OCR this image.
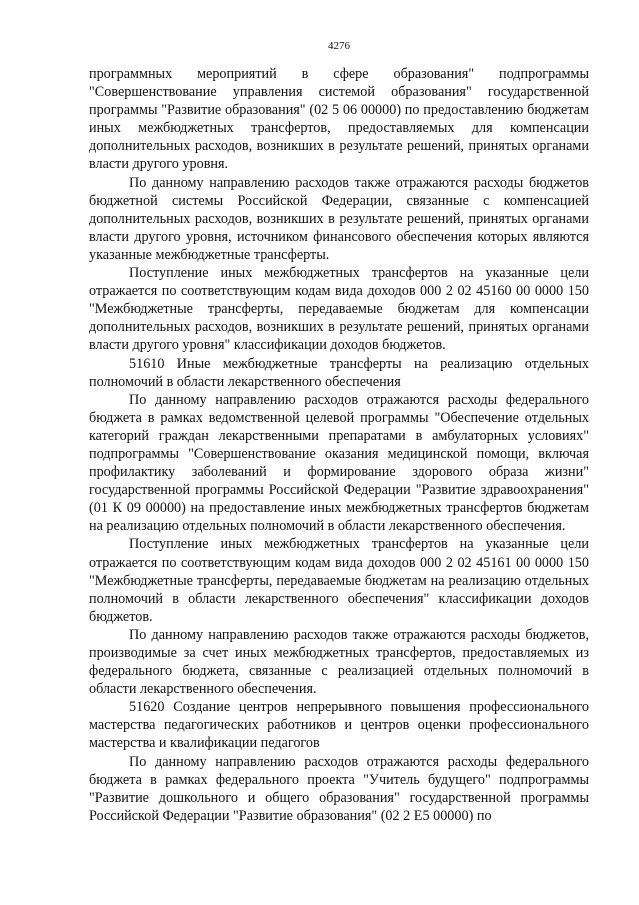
4276

программных мероприятий в сфере образования" подпрограммы "Совершенствование управления системой образования" государственной программы "Развитие образования" (02 5 06 00000) по предоставлению бюджетам иных межбюджетных трансфертов, предоставляемых для компенсации дополнительных расходов, возникших в результате решений, принятых органами власти другого уровня.

По данному направлению расходов также отражаются расходы бюджетов бюджетной системы Российской Федерации, связанные с компенсацией дополнительных расходов, возникших в результате решений, принятых органами власти другого уровня, источником финансового обеспечения которых являются указанные межбюджетные трансферты.

Поступление иных межбюджетных трансфертов на указанные цели отражается по соответствующим кодам вида доходов 000 2 02 45160 00 0000 150 "Межбюджетные трансферты, передаваемые бюджетам для компенсации дополнительных расходов, возникших в результате решений, принятых органами власти другого уровня" классификации доходов бюджетов.

51610 Иные межбюджетные трансферты на реализацию отдельных полномочий в области лекарственного обеспечения

По данному направлению расходов отражаются расходы федерального бюджета в рамках ведомственной целевой программы "Обеспечение отдельных категорий граждан лекарственными препаратами в амбулаторных условиях" подпрограммы "Совершенствование оказания медицинской помощи, включая профилактику заболеваний и формирование здорового образа жизни" государственной программы Российской Федерации "Развитие здравоохранения" (01 К 09 00000) на предоставление иных межбюджетных трансфертов бюджетам на реализацию отдельных полномочий в области лекарственного обеспечения.

Поступление иных межбюджетных трансфертов на указанные цели отражается по соответствующим кодам вида доходов 000 2 02 45161 00 0000 150 "Межбюджетные трансферты, передаваемые бюджетам на реализацию отдельных полномочий в области лекарственного обеспечения" классификации доходов бюджетов.

По данному направлению расходов также отражаются расходы бюджетов, производимые за счет иных межбюджетных трансфертов, предоставляемых из федерального бюджета, связанные с реализацией отдельных полномочий в области лекарственного обеспечения.

51620 Создание центров непрерывного повышения профессионального мастерства педагогических работников и центров оценки профессионального мастерства и квалификации педагогов

По данному направлению расходов отражаются расходы федерального бюджета в рамках федерального проекта "Учитель будущего" подпрограммы "Развитие дошкольного и общего образования" государственной программы Российской Федерации "Развитие образования" (02 2 Е5 00000) по
